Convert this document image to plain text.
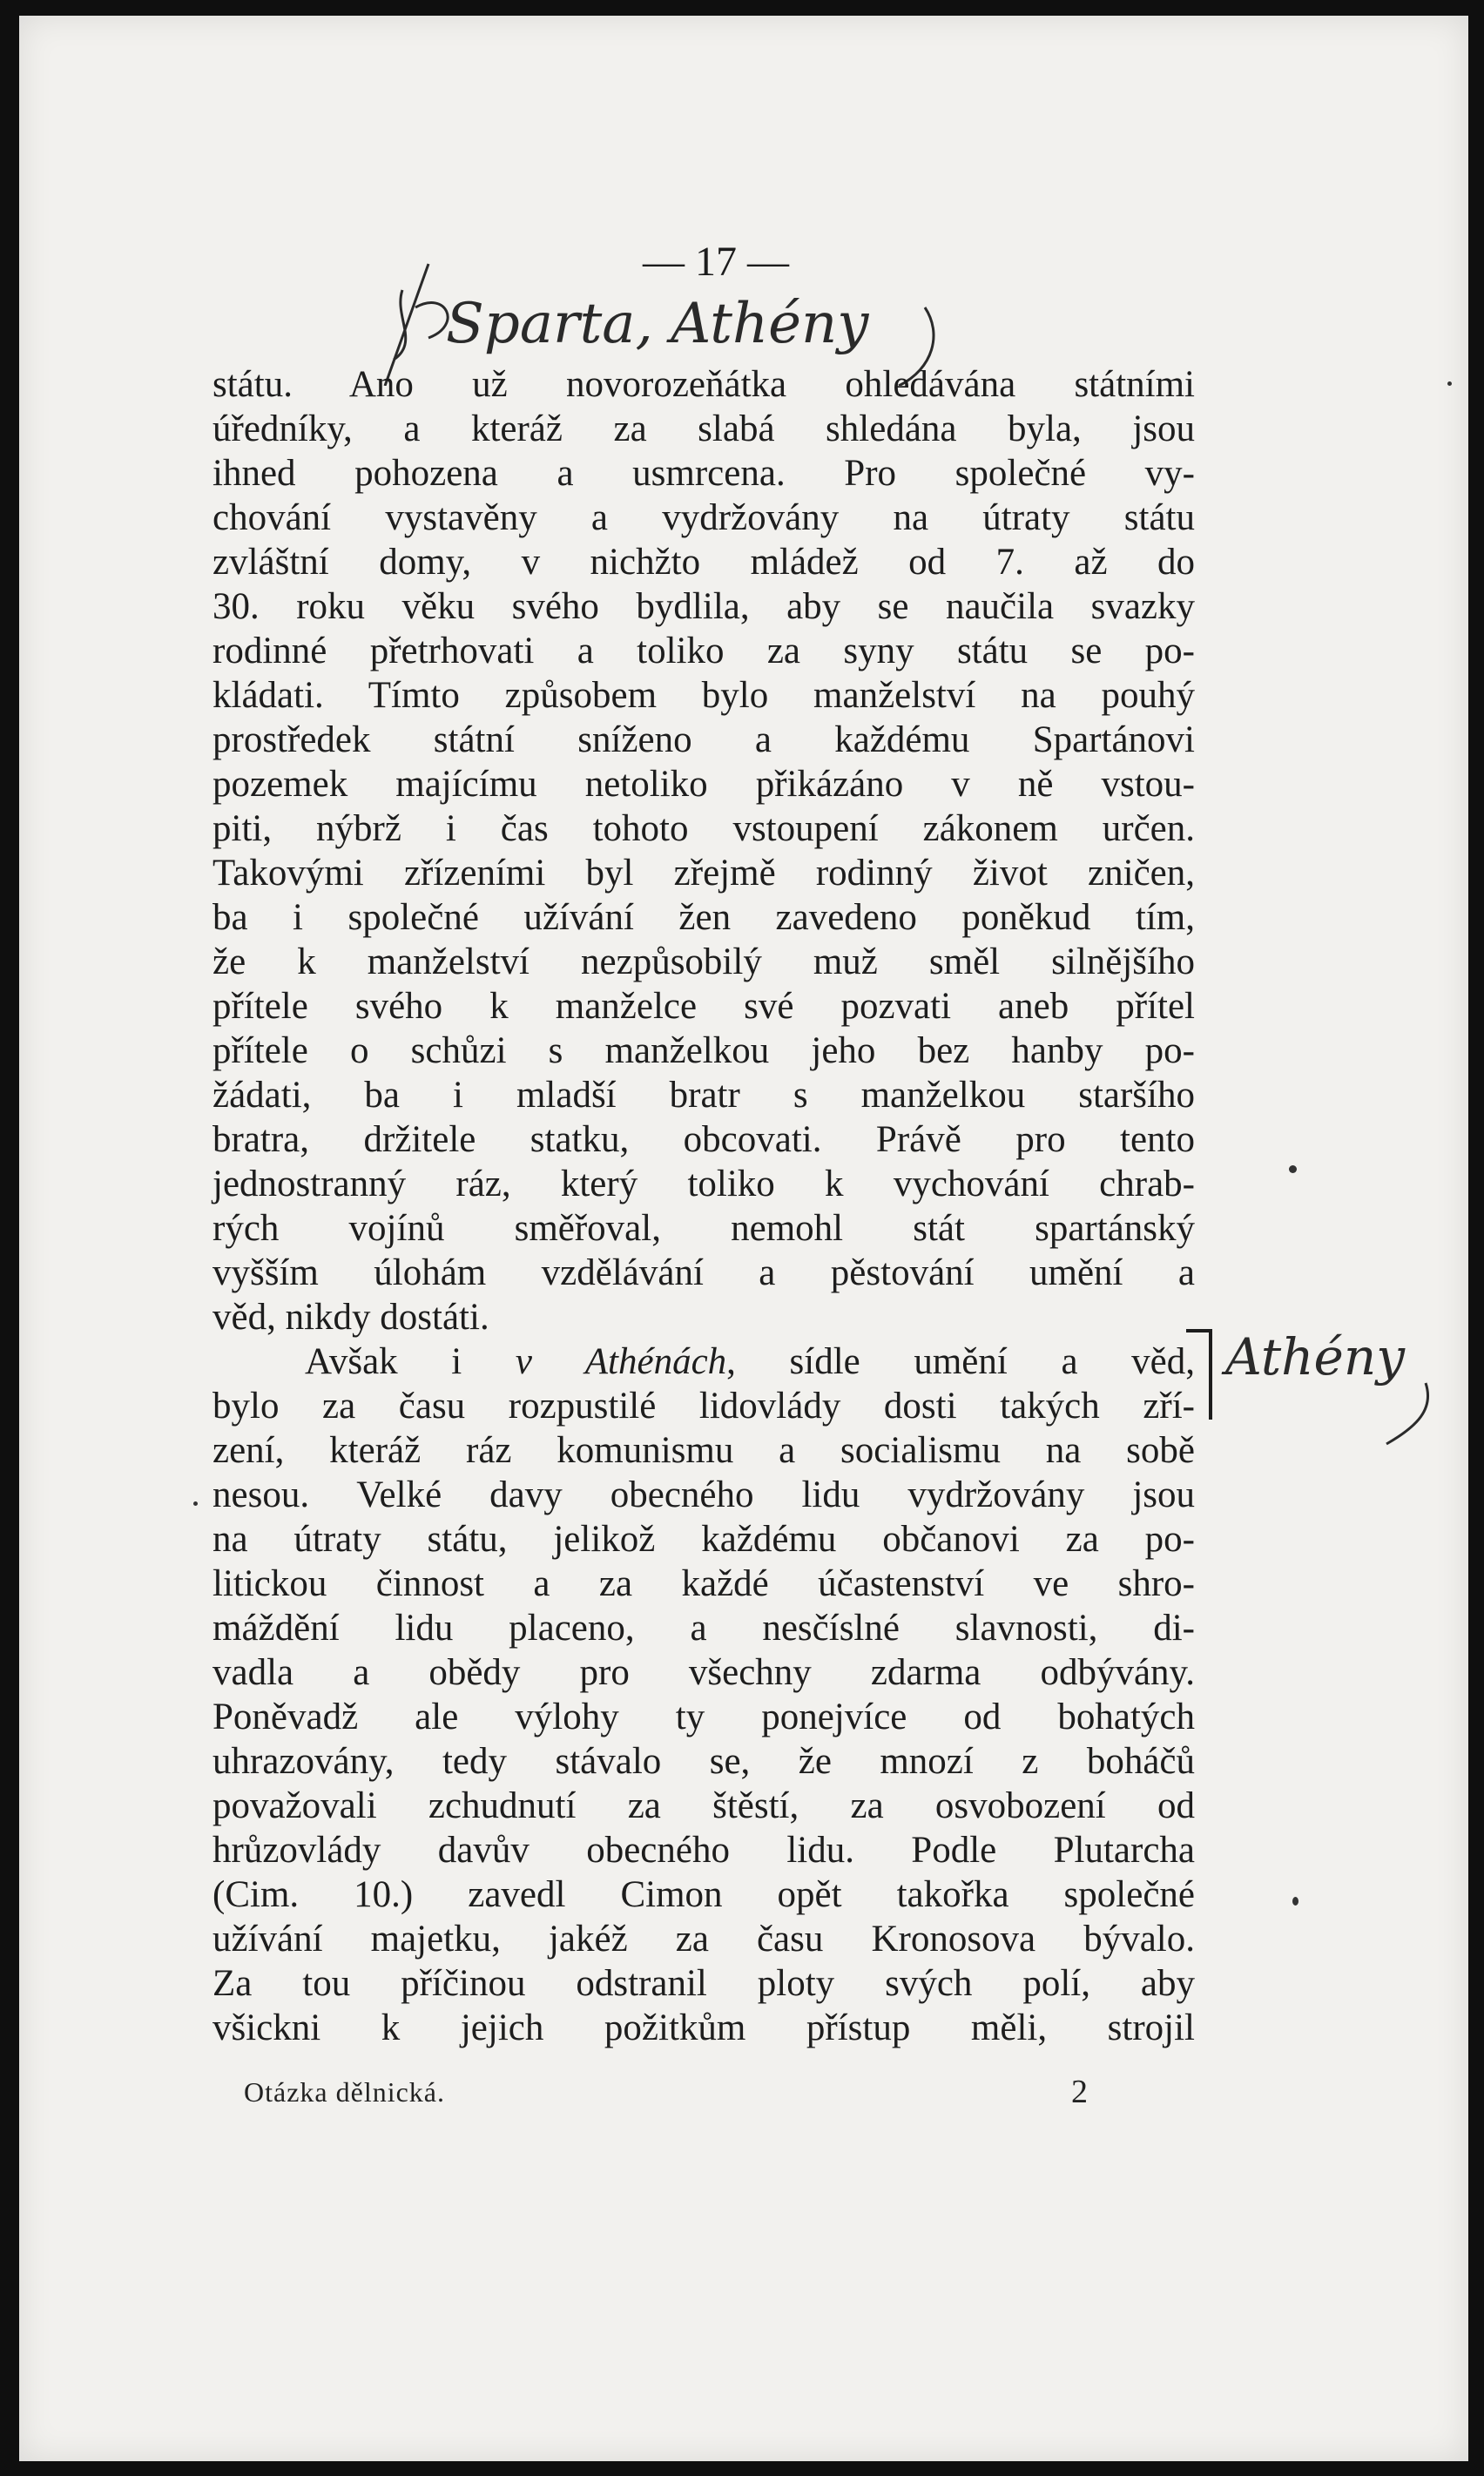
— 17 —
Sparta, Athény
státu. Ano už novorozeňátka ohledávána státními
úředníky, a kteráž za slabá shledána byla, jsou
ihned pohozena a usmrcena. Pro společné vy-
chování vystavěny a vydržovány na útraty státu
zvláštní domy, v nichžto mládež od 7. až do
30. roku věku svého bydlila, aby se naučila svazky
rodinné přetrhovati a toliko za syny státu se po-
kládati. Tímto způsobem bylo manželství na pouhý
prostředek státní sníženo a každému Spartánovi
pozemek majícímu netoliko přikázáno v ně vstou-
piti, nýbrž i čas tohoto vstoupení zákonem určen.
Takovými zřízeními byl zřejmě rodinný život zničen,
ba i společné užívání žen zavedeno poněkud tím,
že k manželství nezpůsobilý muž směl silnějšího
přítele svého k manželce své pozvati aneb přítel
přítele o schůzi s manželkou jeho bez hanby po-
žádati, ba i mladší bratr s manželkou staršího
bratra, držitele statku, obcovati. Právě pro tento
jednostranný ráz, který toliko k vychování chrab-
rých vojínů směřoval, nemohl stát spartánský
vyšším úlohám vzdělávání a pěstování umění a
věd, nikdy dostáti.
Avšak i v Athénách, sídle umění a věd,
bylo za času rozpustilé lidovlády dosti takých zří-
zení, kteráž ráz komunismu a socialismu na sobě
nesou. Velké davy obecného lidu vydržovány jsou
na útraty státu, jelikož každému občanovi za po-
litickou činnost a za každé účastenství ve shro-
máždění lidu placeno, a nesčíslné slavnosti, di-
vadla a obědy pro všechny zdarma odbývány.
Poněvadž ale výlohy ty ponejvíce od bohatých
uhrazovány, tedy stávalo se, že mnozí z boháčů
považovali zchudnutí za štěstí, za osvobození od
hrůzovlády davův obecného lidu. Podle Plutarcha
(Cim. 10.) zavedl Cimon opět takořka společné
užívání majetku, jakéž za času Kronosova bývalo.
Za tou příčinou odstranil ploty svých polí, aby
všickni k jejich požitkům přístup měli, strojil
Athény
Otázka dělnická.	2
